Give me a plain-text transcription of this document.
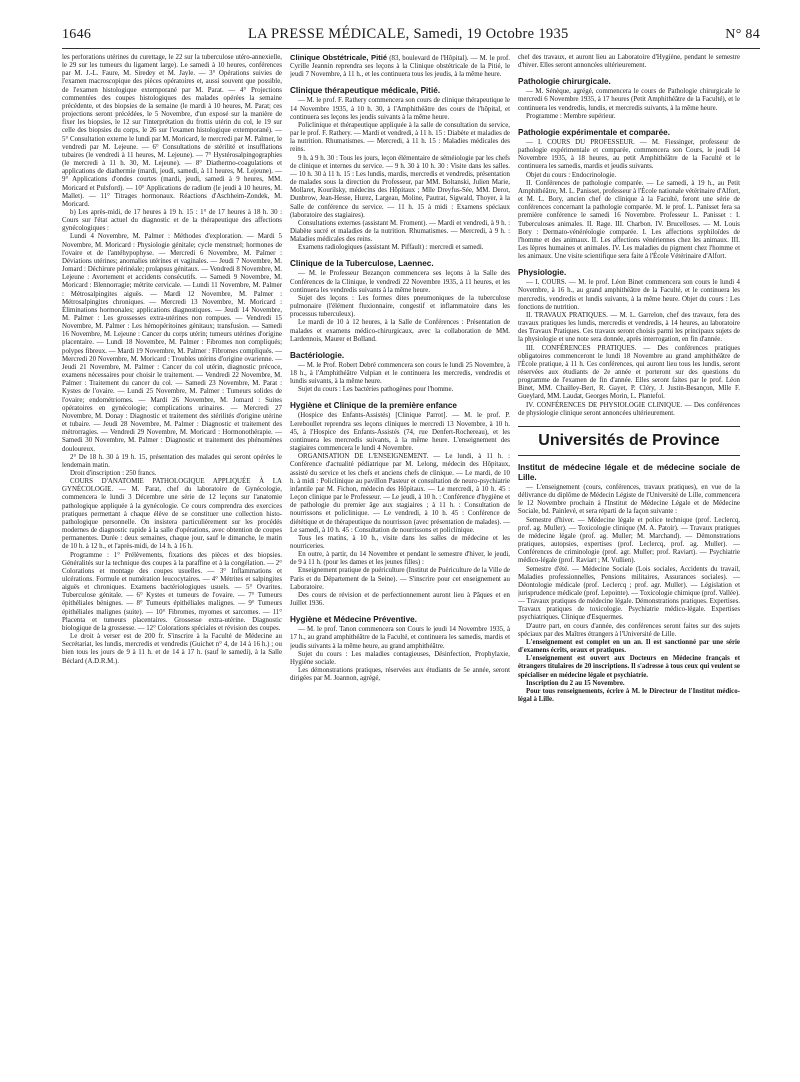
1646	LA PRESSE MÉDICALE, Samedi, 19 Octobre 1935	N° 84

les perforations utérines du curettage, le 22 sur la tuberculose utéro-annexielle, le 29 sur les tumeurs du ligament large). Le samedi à 10 heures, conférences par M. J.-L. Faure, M. Siredey et M. Jayle. — 3° Opérations suivies de l'examen macroscopique des pièces opératoires et, aussi souvent que possible, de l'examen histologique extemporané par M. Parat. — 4° Projections commentées des coupes histologiques des malades opérées la semaine précédente, et des biopsies de la semaine (le mardi à 10 heures, M. Parat; ces projections seront précédées, le 5 Novembre, d'un exposé sur la manière de fixer les biopsies, le 12 sur l'interprétation du frottis utérin du col, le 19 sur celle des biopsies du corps, le 26 sur l'examen histologique extemporané). — 5° Consultation externe le lundi par M. Moricard, le mercredi par M. Palmer, le vendredi par M. Lejeune. — 6° Consultations de stérilité et insufflations tubaires (le vendredi à 11 heures, M. Lejeune). — 7° Hystérosalpingographies (le mercredi à 11 h. 30, M. Lejeune). — 8° Diathermo-coagulations et applications de diathermie (mardi, jeudi, samedi, à 11 heures, M. Lejeune). — 9° Applications d'ondes courtes (mardi, jeudi, samedi à 9 heures, MM. Moricard et Pulsford). — 10° Applications de radium (le jeudi à 10 heures, M. Mallet). — 11° Titrages hormonaux. Réactions d'Aschheim-Zondek, M. Moricard.

b) Les après-midi, de 17 heures à 19 h. 15 : 1° de 17 heures à 18 h. 30 : Cours sur l'état actuel du diagnostic et de la thérapeutique des affections gynécologiques :

Lundi 4 Novembre, M. Palmer : Méthodes d'exploration. — Mardi 5 Novembre, M. Moricard : Physiologie génitale; cycle menstruel; hormones de l'ovaire et de l'antéhypophyse. — Mercredi 6 Novembre, M. Palmer : Déviations utérines; anomalies utérines et vaginales. — Jeudi 7 Novembre, M. Jomard : Déchirure périnéale; prolapsus génitaux. — Vendredi 8 Novembre, M. Lejeune : Avortement et accidents consécutifs. — Samedi 9 Novembre, M. Moricard : Blennorragie; métrite cervicale. — Lundi 11 Novembre, M. Palmer : Métrosalpingites aiguës. — Mardi 12 Novembre, M. Palmer : Métrosalpingites chroniques. — Mercredi 13 Novembre, M. Moricard : Éliminations hormonales; applications diagnostiques. — Jeudi 14 Novembre, M. Palmer : Les grossesses extra-utérines non rompues. — Vendredi 15 Novembre, M. Palmer : Les hémopéritoines génitaux; transfusion. — Samedi 16 Novembre, M. Lejeune : Cancer du corps utérin; tumeurs utérines d'origine placentaire. — Lundi 18 Novembre, M. Palmer : Fibromes non compliqués; polypes fibreux. — Mardi 19 Novembre, M. Palmer : Fibromes compliqués. — Mercredi 20 Novembre, M. Moricard : Troubles utérins d'origine ovarienne. — Jeudi 21 Novembre, M. Palmer : Cancer du col utérin, diagnostic précoce, examens nécessaires pour choisir le traitement. — Vendredi 22 Novembre, M. Palmer : Traitement du cancer du col. — Samedi 23 Novembre, M. Parat : Kystes de l'ovaire. — Lundi 25 Novembre, M. Palmer : Tumeurs solides de l'ovaire; endométriomes. — Mardi 26 Novembre, M. Jomard : Suites opératoires en gynécologie; complications urinaires. — Mercredi 27 Novembre, M. Donay : Diagnostic et traitement des stérilités d'origine utérine et tubaire. — Jeudi 28 Novembre, M. Palmer : Diagnostic et traitement des métrorragies. — Vendredi 29 Novembre, M. Moricard : Hormonothérapie. — Samedi 30 Novembre, M. Palmer : Diagnostic et traitement des phénomènes douloureux.

2° De 18 h. 30 à 19 h. 15, présentation des malades qui seront opérées le lendemain matin.

Droit d'inscription : 250 francs.

COURS D'ANATOMIE PATHOLOGIQUE APPLIQUÉE À LA GYNÉCOLOGIE. — M. Parat, chef du laboratoire de Gynécologie, commencera le lundi 3 Décembre une série de 12 leçons sur l'anatomie pathologique appliquée à la gynécologie. Ce cours comprendra des exercices pratiques permettant à chaque élève de se constituer une collection histo-pathologique personnelle. On insistera particulièrement sur les procédés modernes de diagnostic rapide à la salle d'opérations, avec obtention de coupes permanentes. Durée : deux semaines, chaque jour, sauf le dimanche, le matin de 10 h. à 12 h., et l'après-midi, de 14 h. à 16 h.

Programme : 1° Prélèvements, fixations des pièces et des biopsies. Généralités sur la technique des coupes à la paraffine et à la congélation. — 2° Colorations et montage des coupes usuelles. — 3° Inflammations et ulcérations. Formule et numération leucocytaires. — 4° Métrites et salpingites aiguës et chroniques. Examens bactériologiques usuels. — 5° Ovarites. Tuberculose génitale. — 6° Kystes et tumeurs de l'ovaire. — 7° Tumeurs épithéliales bénignes. — 8° Tumeurs épithéliales malignes. — 9° Tumeurs épithéliales malignes (suite). — 10° Fibromes, myomes et sarcomes. — 11° Placenta et tumeurs placentaires. Grossesse extra-utérine. Diagnostic biologique de la grossesse. — 12° Colorations spéciales et révision des coupes.

Le droit à verser est de 200 fr. S'inscrire à la Faculté de Médecine au Secrétariat, les lundis, mercredis et vendredis (Guichet n° 4, de 14 à 16 h.) ; ou bien tous les jours de 9 à 11 h. et de 14 à 17 h. (sauf le samedi), à la Salle Béclard (A.D.R.M.).

Clinique Obstétricale, Pitié (83, boulevard de l'Hôpital). — M. le prof. Cyrille Jeannin reprendra ses leçons à la Clinique obstétricale de la Pitié, le jeudi 7 Novembre, à 11 h., et les continuera tous les jeudis, à la même heure.

Clinique thérapeutique médicale, Pitié.

— M. le prof. F. Rathery commencera son cours de clinique thérapeutique le 14 Novembre 1935, à 10 h. 30, à l'Amphithéâtre des cours de l'hôpital, et continuera ses leçons les jeudis suivants à la même heure.

Policlinique et thérapeutique appliquée à la salle de consultation du service, par le prof. F. Rathery. — Mardi et vendredi, à 11 h. 15 : Diabète et maladies de la nutrition. Rhumatismes. — Mercredi, à 11 h. 15 : Maladies médicales des reins.

9 h. à 9 h. 30 : Tous les jours, leçon élémentaire de séméiologie par les chefs de clinique et internes du service. — 9 h. 30 à 10 h. 30 : Visite dans les salles. — 10 h. 30 à 11 h. 15 : Les lundis, mardis, mercredis et vendredis, présentation de malades sous la direction du Professeur, par MM. Boltanski, Julien Marie, Mollaret, Kourilsky, médecins des Hôpitaux ; Mlle Dreyfus-Sée, MM. Derot, Dunbrow, Jean-Hesse, Hurez, Largeau, Moline, Pautrat, Sigwald, Thoyer, à la Salle de conférence du service. — 11 h. 15 à midi : Examens spéciaux (laboratoire des stagiaires).

Consultations externes (assistant M. Froment). — Mardi et vendredi, à 9 h. : Diabète sucré et maladies de la nutrition. Rhumatismes. — Mercredi, à 9 h. : Maladies médicales des reins.

Examens radiologiques (assistant M. Piffault) : mercredi et samedi.

Clinique de la Tuberculose, Laennec.

— M. le Professeur Bezançon commencera ses leçons à la Salle des Conférences de la Clinique, le vendredi 22 Novembre 1935, à 11 heures, et les continuera les vendredis suivants à la même heure.

Sujet des leçons : Les formes dites pneumoniques de la tuberculose pulmonaire (l'élément fluxionnaire, congestif et inflammatoire dans les processus tuberculeux).

Le mardi de 10 à 12 heures, à la Salle de Conférences : Présentation de malades et examens médico-chirurgicaux, avec la collaboration de MM. Lardennois, Maurer et Bolland.

Bactériologie.

— M. le Prof. Robert Debré commencera son cours le lundi 25 Novembre, à 18 h., à l'Amphithéâtre Vulpian et le continuera les mercredis, vendredis et lundis suivants, à la même heure.

Sujet du cours : Les bactéries pathogènes pour l'homme.

Hygiène et Clinique de la première enfance

(Hospice des Enfants-Assistés) [Clinique Parrot]. — M. le prof. P. Lereboullet reprendra ses leçons cliniques le mercredi 13 Novembre, à 10 h. 45, à l'Hospice des Enfants-Assistés (74, rue Denfert-Rochereau), et les continuera les mercredis suivants, à la même heure. L'enseignement des stagiaires commencera le lundi 4 Novembre.

ORGANISATION DE L'ENSEIGNEMENT. — Le lundi, à 11 h. : Conférence d'actualité pédiatrique par M. Lelong, médecin des Hôpitaux, assisté du service et les chefs et anciens chefs de clinique. — Le mardi, de 10 h. à midi : Policlinique au pavillon Pasteur et consultation de neuro-psychiatrie infantile par M. Fichon, médecin des Hôpitaux. — Le mercredi, à 10 h. 45 : Leçon clinique par le Professeur. — Le jeudi, à 10 h. : Conférence d'hygiène et de pathologie du premier âge aux stagiaires ; à 11 h. : Consultation de nourrissons et policlinique. — Le vendredi, à 10 h. 45 : Conférence de diététique et de thérapeutique du nourrisson (avec présentation de malades). — Le samedi, à 10 h. 45 : Consultation de nourrissons et policlinique.

Tous les matins, à 10 h., visite dans les salles de médecine et les nourriceries.

En outre, à partir, du 14 Novembre et pendant le semestre d'hiver, le jeudi, de 9 à 11 h. (pour les dames et les jeunes filles) :

Enseignement pratique de puériculture (Institut de Puériculture de la Ville de Paris et du Département de la Seine). — S'inscrire pour cet enseignement au Laboratoire.

Des cours de révision et de perfectionnement auront lieu à Pâques et en Juillet 1936.

Hygiène et Médecine Préventive.

— M. le prof. Tanon commencera son Cours le jeudi 14 Novembre 1935, à 17 h., au grand amphithéâtre de la Faculté, et continuera les samedis, mardis et jeudis suivants à la même heure, au grand amphithéâtre.

Sujet du cours : Les maladies contagieuses, Désinfection, Prophylaxie, Hygiène sociale.

Les démonstrations pratiques, réservées aux étudiants de 5e année, seront dirigées par M. Joannon, agrégé,

chef des travaux, et auront lieu au Laboratoire d'Hygiène, pendant le semestre d'hiver. Elles seront annoncées ultérieurement.

Pathologie chirurgicale.

— M. Sénèque, agrégé, commencera le cours de Pathologie chirurgicale le mercredi 6 Novembre 1935, à 17 heures (Petit Amphithéâtre de la Faculté), et le continuera les vendredis, lundis, et mercredis suivants, à la même heure.

Programme : Membre supérieur.

Pathologie expérimentale et comparée.

— I. COURS DU PROFESSEUR. — M. Fiessinger, professeur de pathologie expérimentale et comparée, commencera son Cours, le jeudi 14 Novembre 1935, à 18 heures, au petit Amphithéâtre de la Faculté et le continuera les samedis, mardis et jeudis suivants.

Objet du cours : Endocrinologie.

II. Conférences de pathologie comparée. — Le samedi, à 19 h., au Petit Amphithéâtre, M. L. Panisset, professeur à l'École nationale vétérinaire d'Alfort, et M. L. Bory, ancien chef de clinique à la Faculté, feront une série de conférences concernant la pathologie comparée. M. le prof. L. Panisset fera sa première conférence le samedi 16 Novembre. Professeur L. Panisset : I. Tuberculoses animales. II. Rage. III. Charbon. IV. Brucelloses. — M. Louis Bory : Dermato-vénéréologie comparée. I. Les affections syphiloïdes de l'homme et des animaux. II. Les affections vénériennes chez les animaux. III. Les lèpres humaines et animales. IV. Les maladies du pigment chez l'homme et les animaux. Une visite scientifique sera faite à l'École Vétérinaire d'Alfort.

Physiologie.

— I. COURS. — M. le prof. Léon Binet commencera son cours le lundi 4 Novembre, à 16 h., au grand amphithéâtre de la Faculté, et le continuera les mercredis, vendredis et lundis suivants, à la même heure. Objet du cours : Les fonctions de nutrition.

II. TRAVAUX PRATIQUES. — M. L. Garrelon, chef des travaux, fera des travaux pratiques les lundis, mercredis et vendredis, à 14 heures, au laboratoire des Travaux Pratiques. Ces travaux seront choisis parmi les principaux sujets de la physiologie et une note sera donnée, après interrogation, en fin d'année.

III. CONFÉRENCES PRATIQUES. — Des conférences pratiques obligatoires commenceront le lundi 18 Novembre au grand amphithéâtre de l'École pratique, à 11 h. Ces conférences, qui auront lieu tous les lundis, seront réservées aux étudiants de 2e année et porteront sur des questions du programme de l'examen de fin d'année. Elles seront faites par le prof. Léon Binet, MM. Chailley-Bert, R. Gayet, P. Cléry, J. Justin-Besançon, Mlle F. Gueylard, MM. Laudat, Georges Morin, L. Plantefol.

IV. CONFÉRENCES DE PHYSIOLOGIE CLINIQUE. — Des conférences de physiologie clinique seront annoncées ultérieurement.

Universités de Province
Institut de médecine légale et de médecine sociale de Lille.

— L'enseignement (cours, conférences, travaux pratiques), en vue de la délivrance du diplôme de Médecin Légiste de l'Université de Lille, commencera le 12 Novembre prochain à l'Institut de Médecine Légale et de Médecine Sociale, bd. Painlevé, et sera réparti de la façon suivante :

Semestre d'hiver. — Médecine légale et police technique (prof. Leclercq, prof. ag. Muller). — Toxicologie clinique (M. A. Patoir). — Travaux pratiques de médecine légale (prof. ag. Muller; M. Marchand). — Démonstrations pratiques, autopsies, expertises (prof. Leclercq, prof. ag. Muller). — Conférences de criminologie (prof. agr. Muller; prof. Raviart). — Psychiatrie médico-légale (prof. Raviart ; M. Vullien).

Semestre d'été. — Médecine Sociale (Lois sociales, Accidents du travail, Maladies professionnelles, Pensions militaires, Assurances sociales). — Déontologie médicale (prof. Leclercq ; prof. agr. Muller). — Législation et jurisprudence médicale (prof. Lepointe). — Toxicologie chimique (prof. Vallée). — Travaux pratiques de médecine légale. Démonstrations pratiques. Expertises. Travaux pratiques de toxicologie. Psychiatrie médico-légale. Expertises psychiatriques. Clinique d'Esquermes.

D'autre part, en cours d'année, des conférences seront faites sur des sujets spéciaux par des Maîtres étrangers à l'Université de Lille.

L'enseignement est complet en un an. Il est sanctionné par une série d'examens écrits, oraux et pratiques.

L'enseignement est ouvert aux Docteurs en Médecine français et étrangers titulaires de 20 inscriptions. Il s'adresse à tous ceux qui veulent se spécialiser en médecine légale et psychiatrie.

Inscription du 2 au 15 Novembre.

Pour tous renseignements, écrire à M. le Directeur de l'Institut médico-légal à Lille.
